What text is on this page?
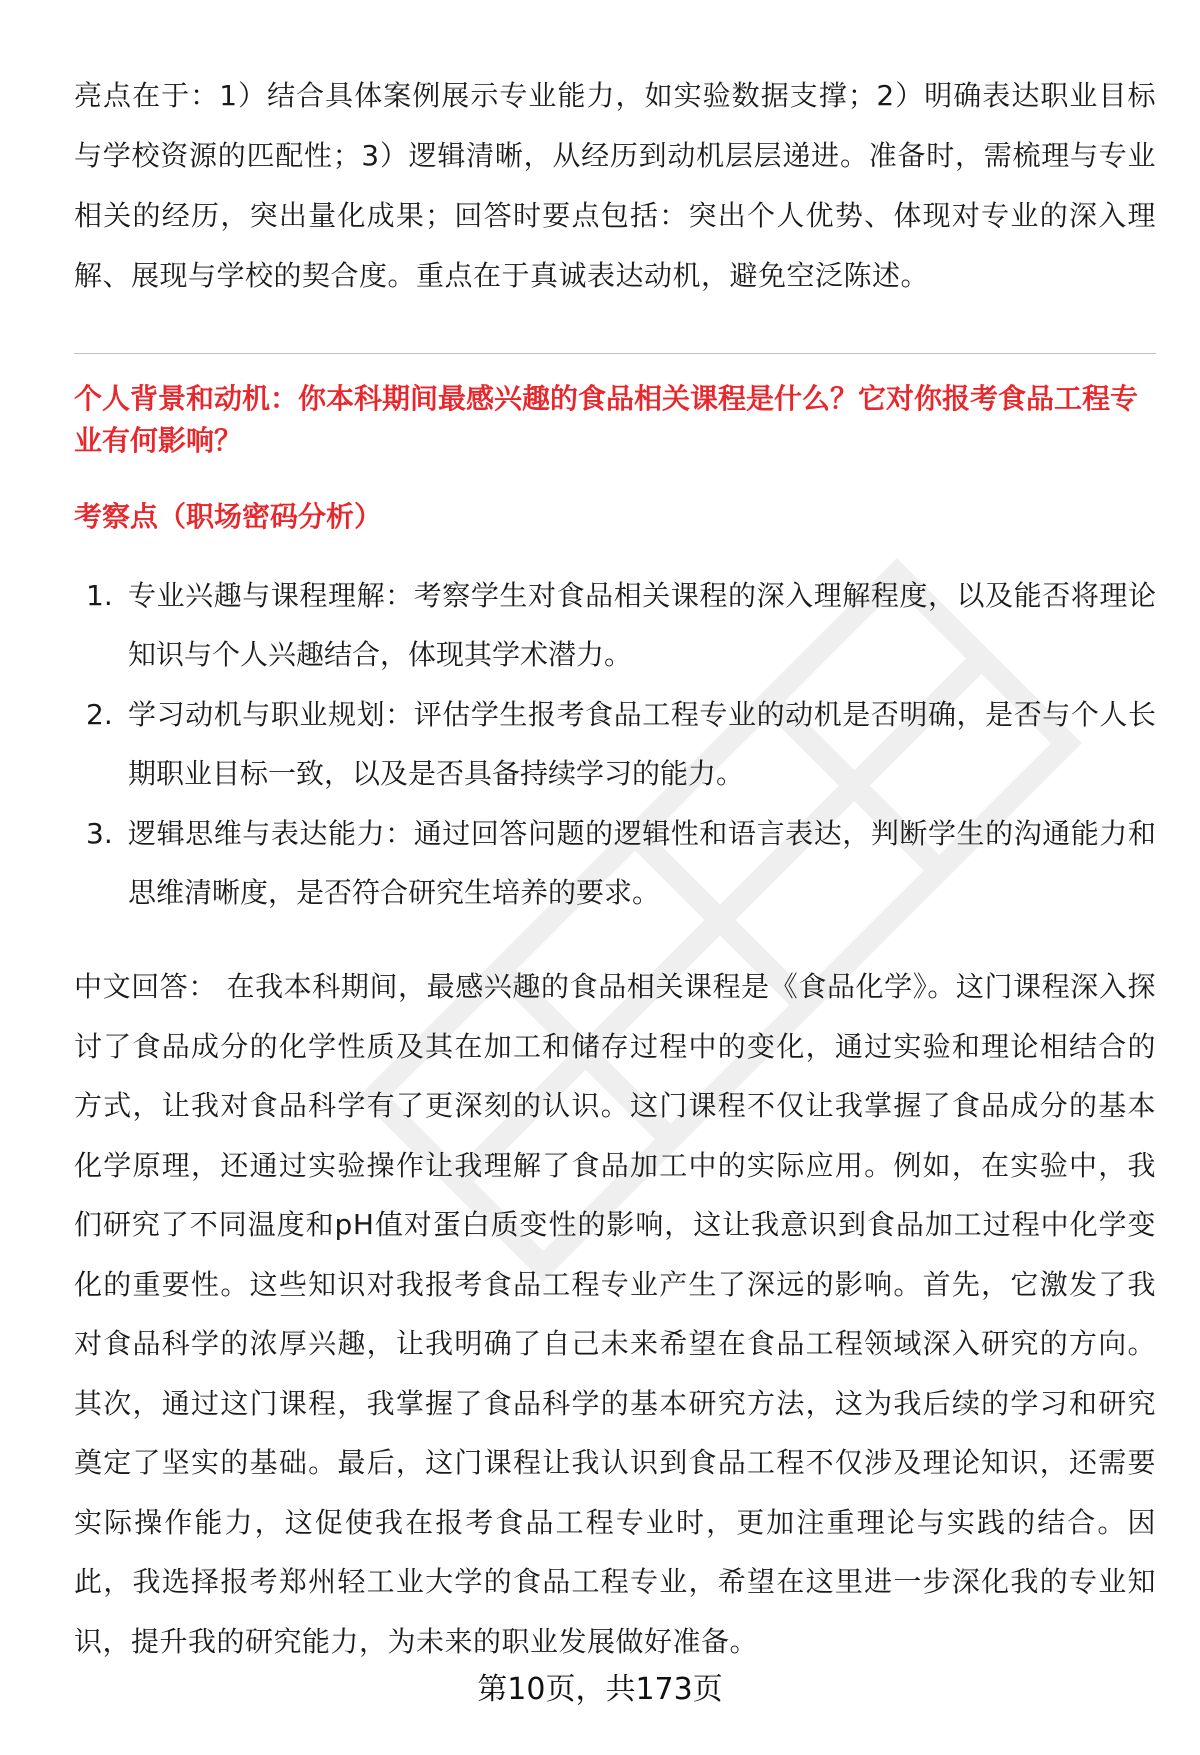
亮点在于：1）结合具体案例展示专业能力，如实验数据支撑；2）明确表达职业目标与学校资源的匹配性；3）逻辑清晰，从经历到动机层层递进。准备时，需梳理与专业相关的经历，突出量化成果；回答时要点包括：突出个人优势、体现对专业的深入理解、展现与学校的契合度。重点在于真诚表达动机，避免空泛陈述。

个人背景和动机：你本科期间最感兴趣的食品相关课程是什么？它对你报考食品工程专业有何影响？
考察点（职场密码分析）
1. 专业兴趣与课程理解：考察学生对食品相关课程的深入理解程度，以及能否将理论知识与个人兴趣结合，体现其学术潜力。
2. 学习动机与职业规划：评估学生报考食品工程专业的动机是否明确，是否与个人长期职业目标一致，以及是否具备持续学习的能力。
3. 逻辑思维与表达能力：通过回答问题的逻辑性和语言表达，判断学生的沟通能力和思维清晰度，是否符合研究生培养的要求。

中文回答： 在我本科期间，最感兴趣的食品相关课程是《食品化学》。这门课程深入探讨了食品成分的化学性质及其在加工和储存过程中的变化，通过实验和理论相结合的方式，让我对食品科学有了更深刻的认识。这门课程不仅让我掌握了食品成分的基本化学原理，还通过实验操作让我理解了食品加工中的实际应用。例如，在实验中，我们研究了不同温度和pH值对蛋白质变性的影响，这让我意识到食品加工过程中化学变化的重要性。这些知识对我报考食品工程专业产生了深远的影响。首先，它激发了我对食品科学的浓厚兴趣，让我明确了自己未来希望在食品工程领域深入研究的方向。其次，通过这门课程，我掌握了食品科学的基本研究方法，这为我后续的学习和研究奠定了坚实的基础。最后，这门课程让我认识到食品工程不仅涉及理论知识，还需要实际操作能力，这促使我在报考食品工程专业时，更加注重理论与实践的结合。因此，我选择报考郑州轻工业大学的食品工程专业，希望在这里进一步深化我的专业知识，提升我的研究能力，为未来的职业发展做好准备。

第10页，共173页
